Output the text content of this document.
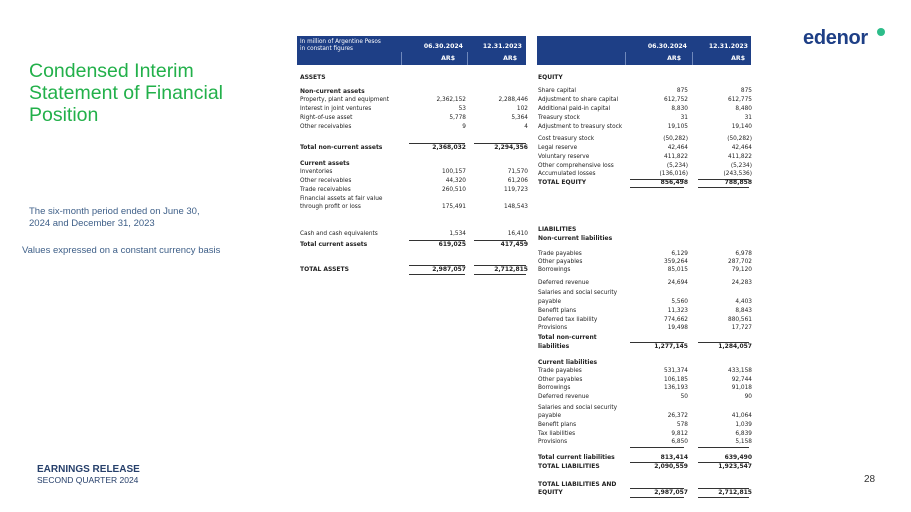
Condensed Interim Statement of Financial Position
The six-month period ended on June 30, 2024 and December 31, 2023
Values expressed on a constant currency basis
EARNINGS RELEASE
SECOND QUARTER 2024	28
edenor
In million of Argentine Pesos
in constant figures	06.30.2024	12.31.2023
AR$	AR$
06.30.2024	12.31.2023
AR$	AR$
ASSETS
Non-current assets
Property, plant and equipment	2,362,152	2,288,446
Interest in joint ventures	53	102
Right-of-use asset	5,778	5,364
Other receivables	9	4
Total non-current assets	2,368,032	2,294,356
Current assets
Inventories	100,157	71,570
Other receivables	44,320	61,206
Trade receivables	260,510	119,723
Financial assets at fair value
through profit or loss	175,491	148,543
Cash and cash equivalents	1,534	16,410
Total current assets	619,025	417,459
TOTAL ASSETS	2,987,057	2,712,815
EQUITY
Share capital	875	875
Adjustment to share capital	612,752	612,775
Additional paid-in capital	8,830	8,480
Treasury stock	31	31
Adjustment to treasury stock	19,105	19,140
Cost treasury stock	(50,282)	(50,282)
Legal reserve	42,464	42,464
Voluntary reserve	411,822	411,822
Other comprehensive loss	(5,234)	(5,234)
Accumulated losses	(136,016)	(243,536)
TOTAL EQUITY	856,498	788,858
LIABILITIES
Non-current liabilities
Trade payables	6,129	6,978
Other payables	359,264	287,702
Borrowings	85,015	79,120
Deferred revenue	24,694	24,283
Salaries and social security
payable	5,560	4,403
Benefit plans	11,323	8,843
Deferred tax liability	774,662	880,561
Provisions	19,498	17,727
Total non-current
liabilities	1,277,145	1,284,057
Current liabilities
Trade payables	531,374	433,158
Other payables	106,185	92,744
Borrowings	136,193	91,018
Deferred revenue	50	90
Salaries and social security
payable	26,372	41,064
Benefit plans	578	1,039
Tax liabilities	9,812	6,839
Provisions	6,850	5,158
Total current liabilities	813,414	639,490
TOTAL LIABILITIES	2,090,559	1,923,547
TOTAL LIABILITIES AND
EQUITY	2,987,057	2,712,815
